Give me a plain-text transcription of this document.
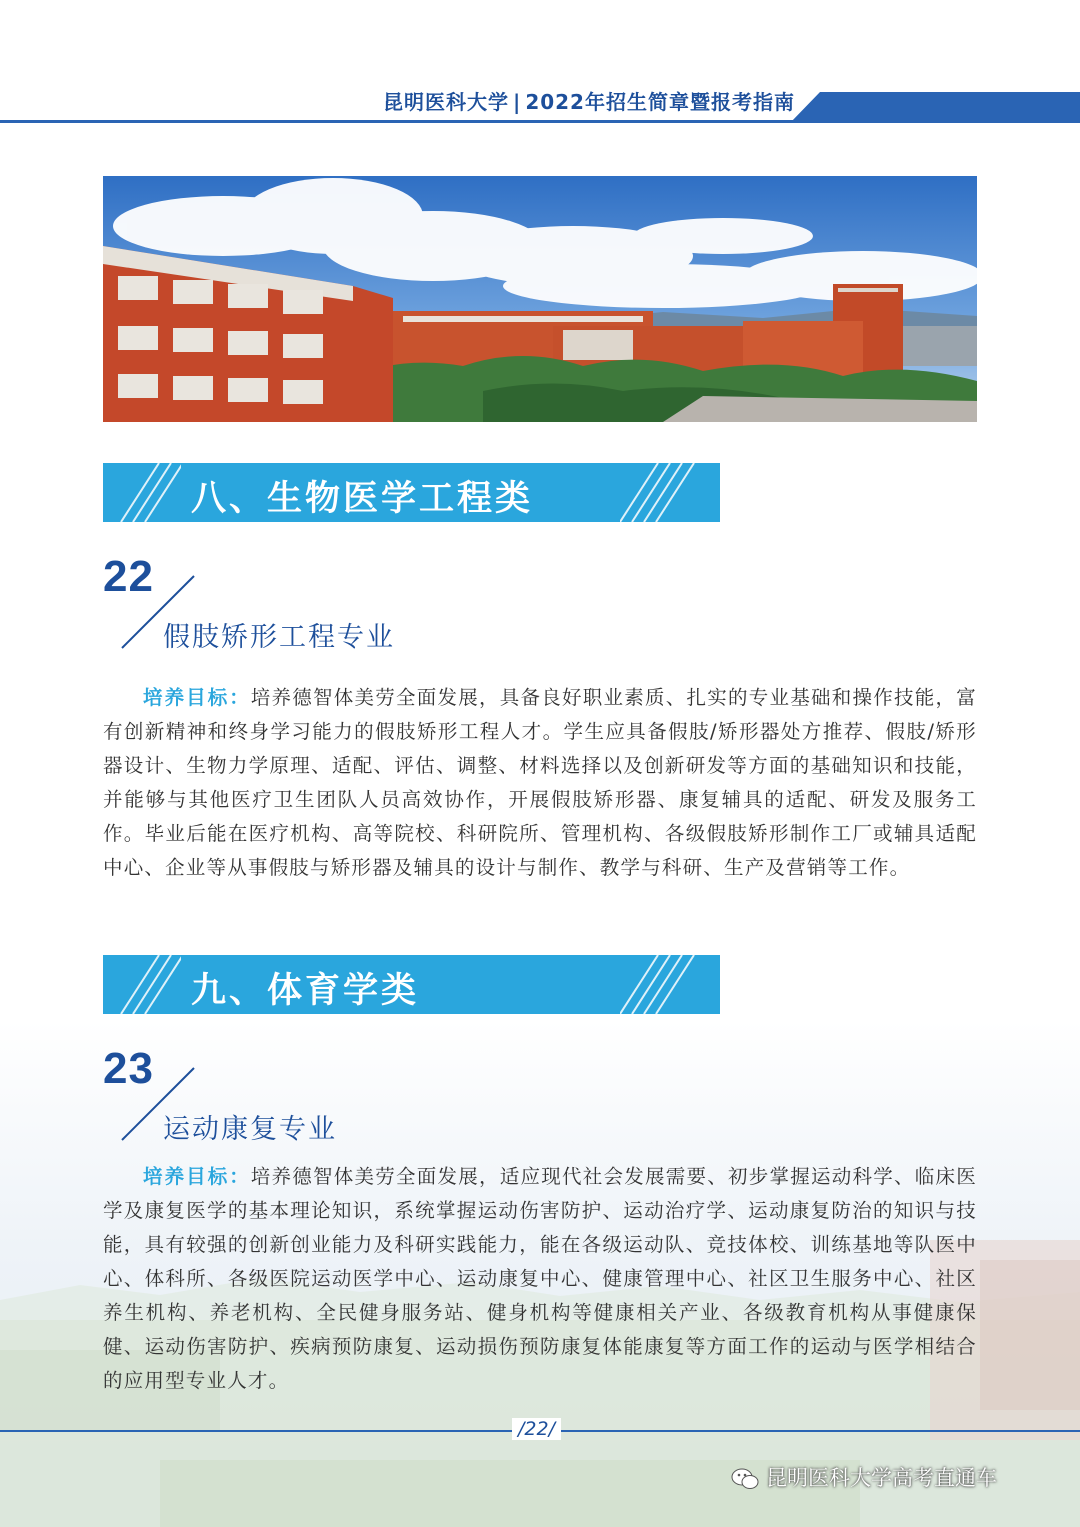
昆明医科大学 | 2022年招生简章暨报考指南
八、生物医学工程类
22
假肢矫形工程专业
培养目标：培养德智体美劳全面发展，具备良好职业素质、扎实的专业基础和操作技能，富有创新精神和终身学习能力的假肢矫形工程人才。学生应具备假肢/矫形器处方推荐、假肢/矫形器设计、生物力学原理、适配、评估、调整、材料选择以及创新研发等方面的基础知识和技能，并能够与其他医疗卫生团队人员高效协作，开展假肢矫形器、康复辅具的适配、研发及服务工作。毕业后能在医疗机构、高等院校、科研院所、管理机构、各级假肢矫形制作工厂或辅具适配中心、企业等从事假肢与矫形器及辅具的设计与制作、教学与科研、生产及营销等工作。
九、体育学类
23
运动康复专业
培养目标：培养德智体美劳全面发展，适应现代社会发展需要、初步掌握运动科学、临床医学及康复医学的基本理论知识，系统掌握运动伤害防护、运动治疗学、运动康复防治的知识与技能，具有较强的创新创业能力及科研实践能力，能在各级运动队、竞技体校、训练基地等队医中心、体科所、各级医院运动医学中心、运动康复中心、健康管理中心、社区卫生服务中心、社区养生机构、养老机构、全民健身服务站、健身机构等健康相关产业、各级教育机构从事健康保健、运动伤害防护、疾病预防康复、运动损伤预防康复体能康复等方面工作的运动与医学相结合的应用型专业人才。
/22/
昆明医科大学高考直通车
